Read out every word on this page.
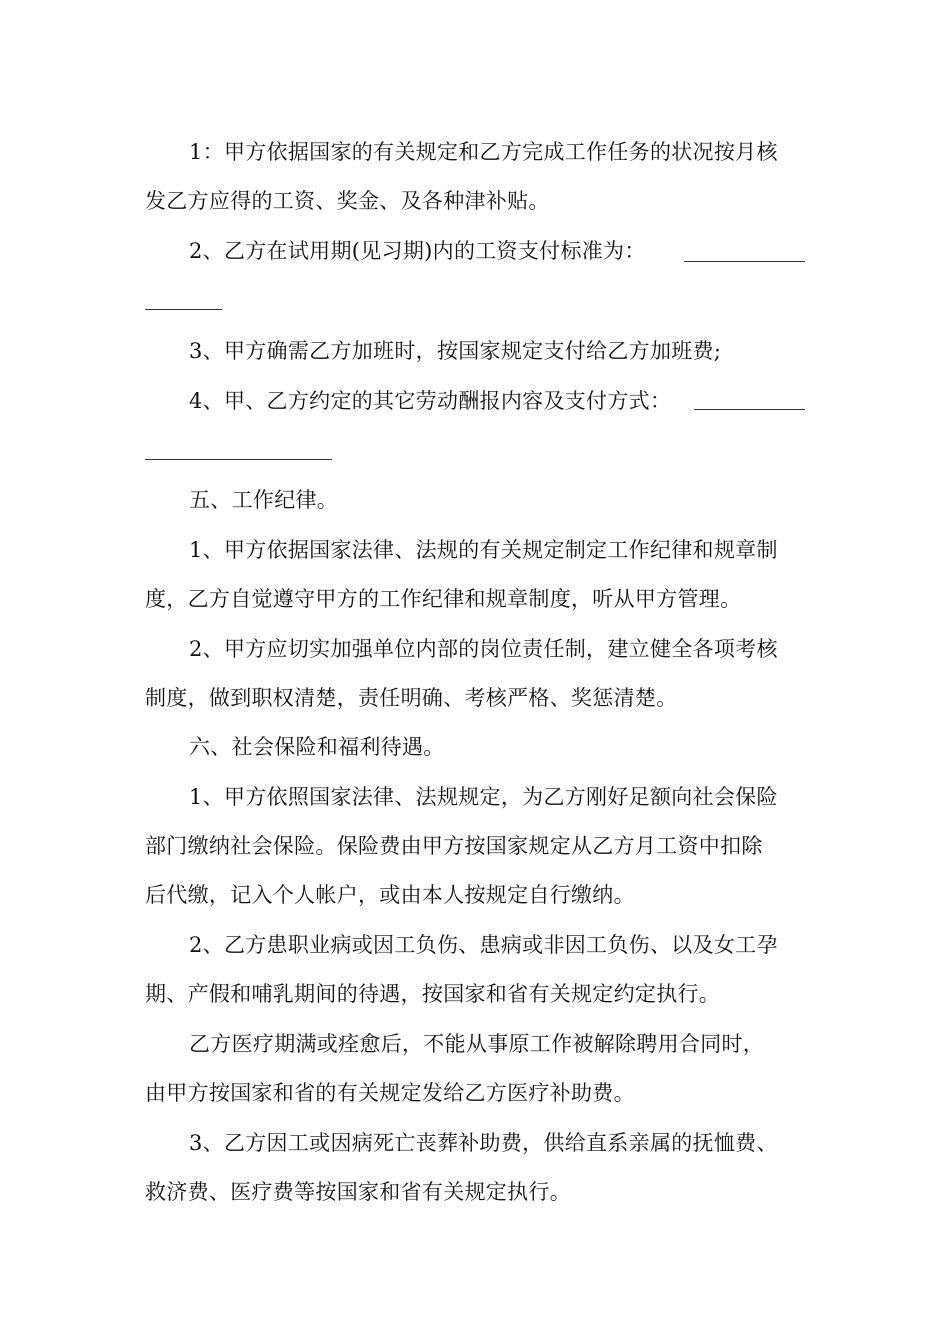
1：甲方依据国家的有关规定和乙方完成工作任务的状况按月核
发乙方应得的工资、奖金、及各种津补贴。
2、乙方在试用期(见习期)内的工资支付标准为：
3、甲方确需乙方加班时，按国家规定支付给乙方加班费;
4、甲、乙方约定的其它劳动酬报内容及支付方式：
五、工作纪律。
1、甲方依据国家法律、法规的有关规定制定工作纪律和规章制
度，乙方自觉遵守甲方的工作纪律和规章制度，听从甲方管理。
2、甲方应切实加强单位内部的岗位责任制，建立健全各项考核
制度，做到职权清楚，责任明确、考核严格、奖惩清楚。
六、社会保险和福利待遇。
1、甲方依照国家法律、法规规定，为乙方刚好足额向社会保险
部门缴纳社会保险。保险费由甲方按国家规定从乙方月工资中扣除
后代缴，记入个人帐户，或由本人按规定自行缴纳。
2、乙方患职业病或因工负伤、患病或非因工负伤、以及女工孕
期、产假和哺乳期间的待遇，按国家和省有关规定约定执行。
乙方医疗期满或痊愈后，不能从事原工作被解除聘用合同时，
由甲方按国家和省的有关规定发给乙方医疗补助费。
3、乙方因工或因病死亡丧葬补助费，供给直系亲属的抚恤费、
救济费、医疗费等按国家和省有关规定执行。
